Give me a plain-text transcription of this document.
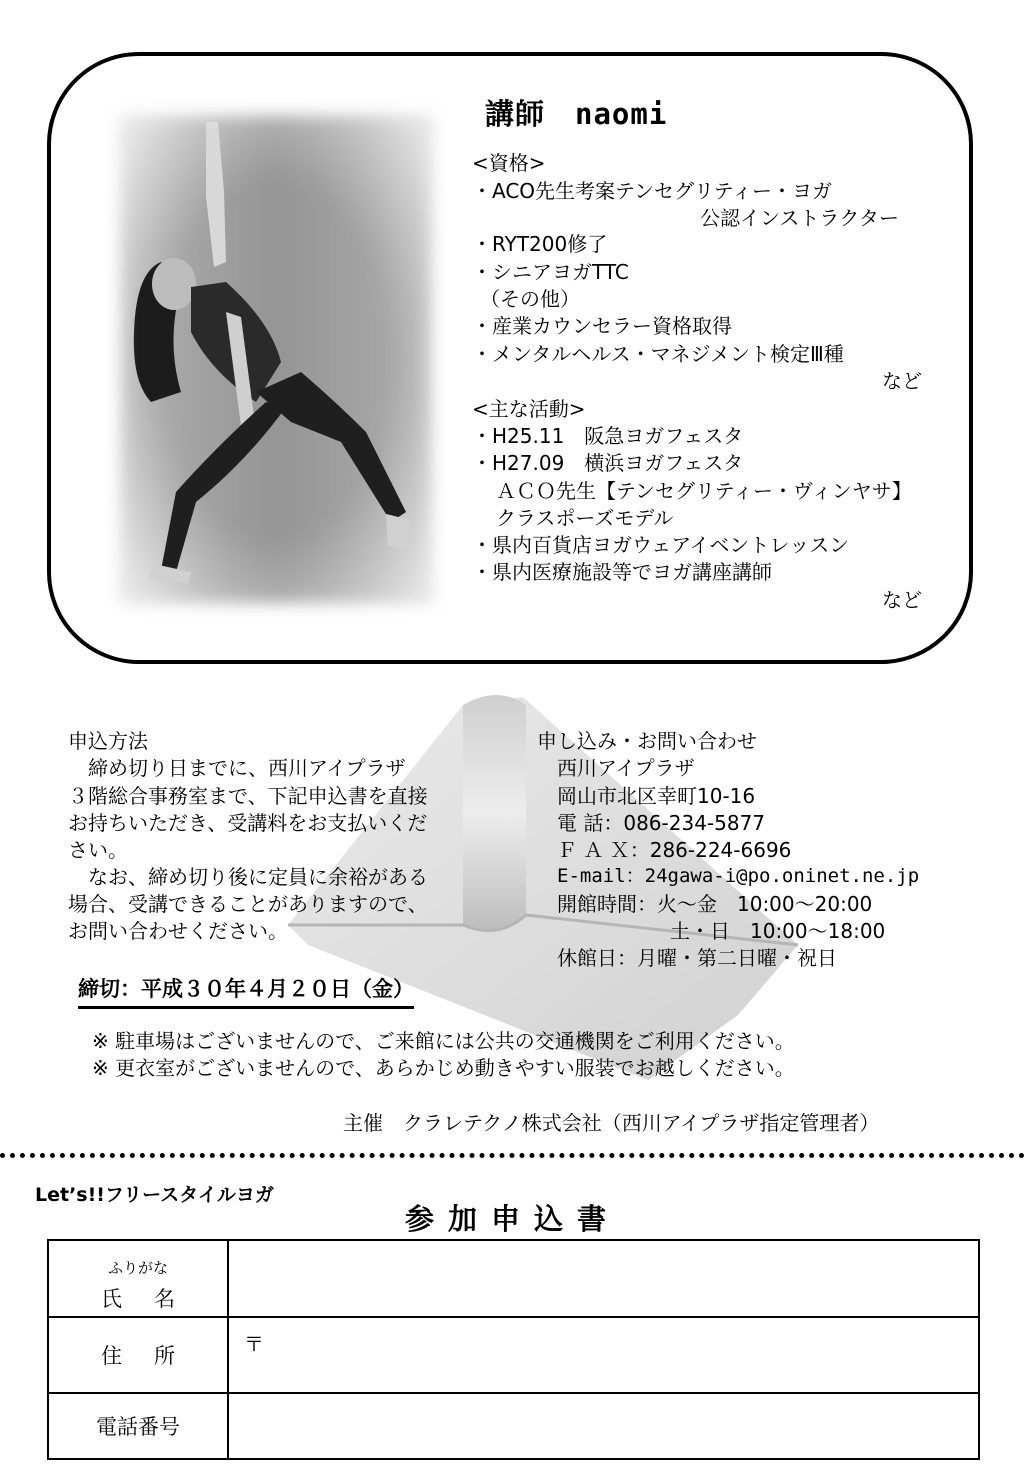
講師　naomi
<資格>
・ACO先生考案テンセグリティー・ヨガ
公認インストラクター
・RYT200修了
・シニアヨガTTC
（その他）
・産業カウンセラー資格取得
・メンタルヘルス・マネジメント検定Ⅲ種
など
<主な活動>
・H25.11　阪急ヨガフェスタ
・H27.09　横浜ヨガフェスタ
ＡＣＯ先生【テンセグリティー・ヴィンヤサ】
クラスポーズモデル
・県内百貨店ヨガウェアイベントレッスン
・県内医療施設等でヨガ講座講師
など
申込方法
　締め切り日までに、西川アイプラザ
３階総合事務室まで、下記申込書を直接
お持ちいただき、受講料をお支払いくだ
さい。
　なお、締め切り後に定員に余裕がある
場合、受講できることがありますので、
お問い合わせください。
締切：平成３０年４月２０日（金）
申し込み・お問い合わせ
西川アイプラザ
岡山市北区幸町10-16
電 話：086-234-5877
Ｆ Ａ Ｘ：286-224-6696
E-mail：24gawa-i@po.oninet.ne.jp
開館時間：火～金　10:00～20:00
土・日　10:00～18:00
休館日：月曜・第二日曜・祝日
※ 駐車場はございませんので、ご来館には公共の交通機関をご利用ください。
※ 更衣室がございませんので、あらかじめ動きやすい服装でお越しください。
主催　クラレテクノ株式会社（西川アイプラザ指定管理者）
Let’s!!フリースタイルヨガ
参加申込書
ふりがな
氏名	

住所	〒

電話番号	
